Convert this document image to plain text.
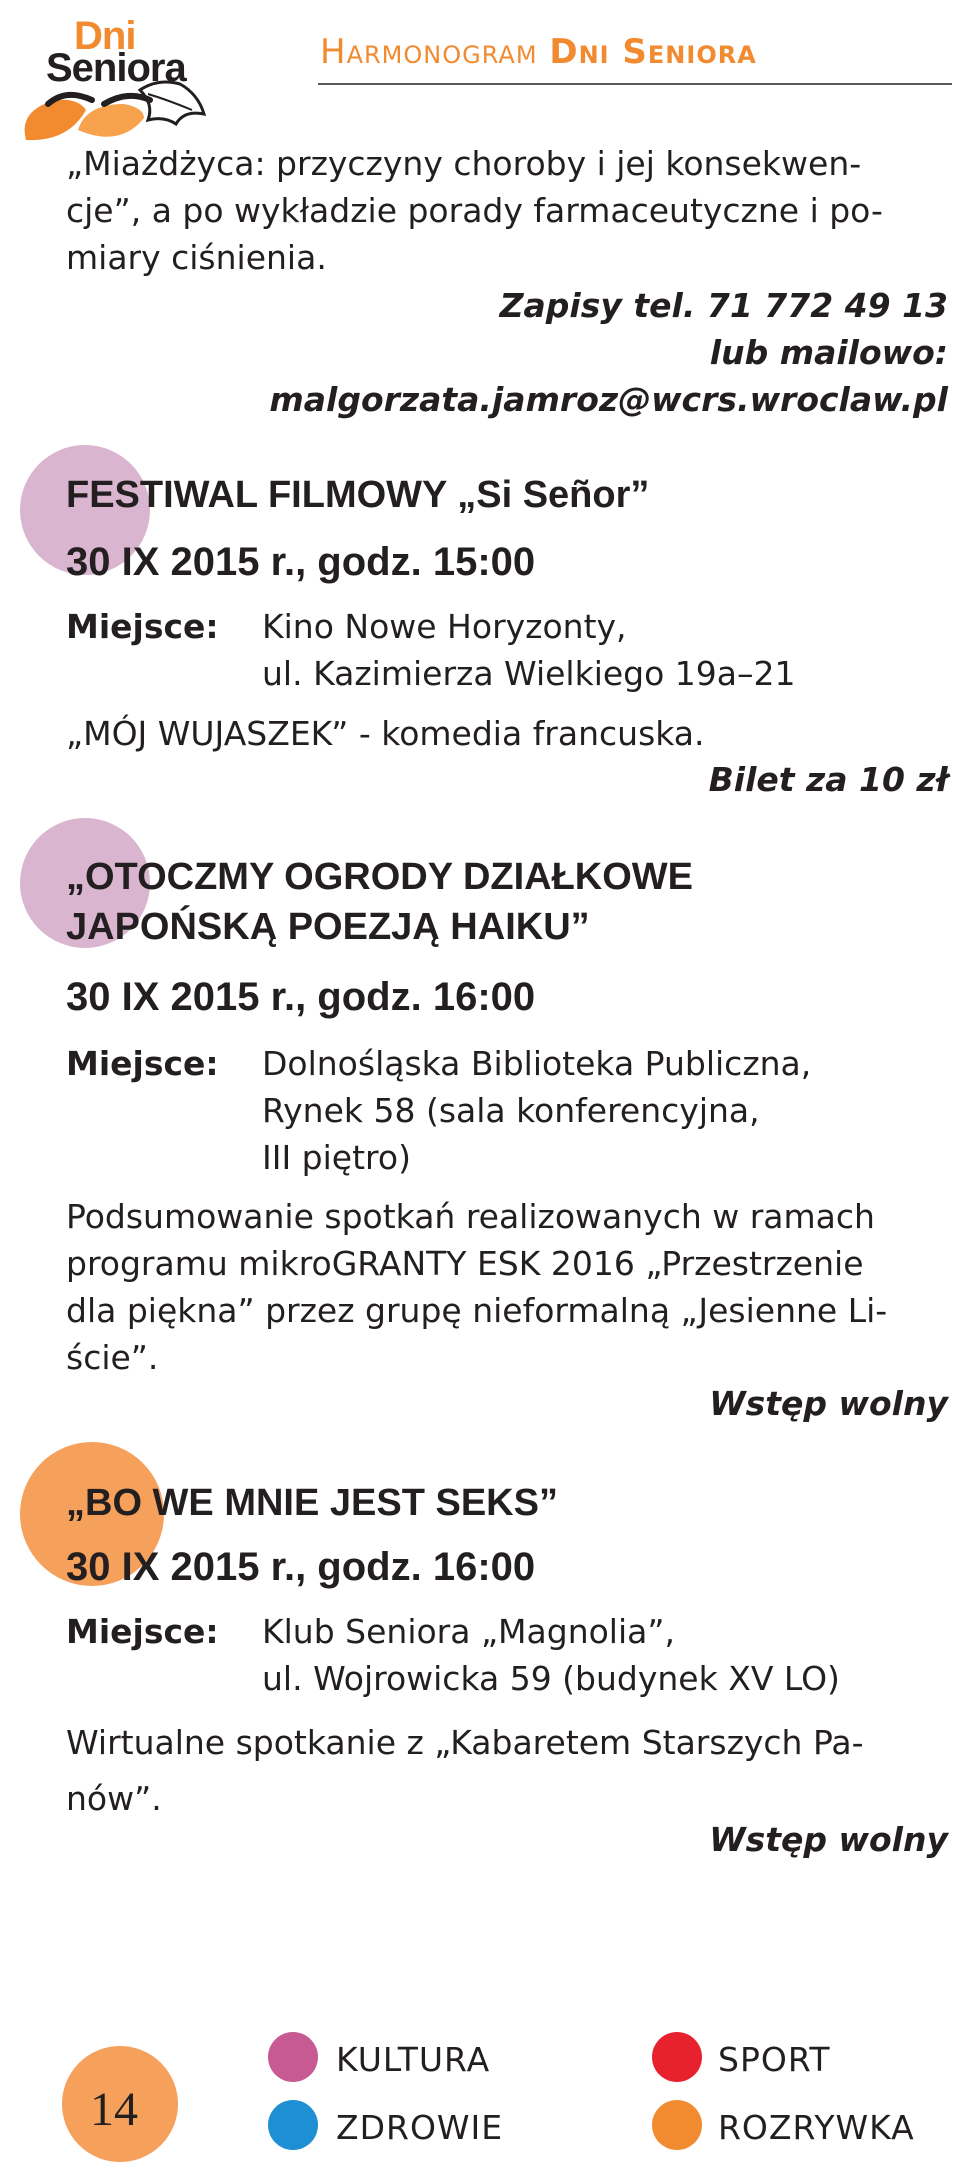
Dni
Seniora	Harmonogram Dni Seniora
„Miażdżyca: przyczyny choroby i jej konsekwen-
cje”, a po wykładzie porady farmaceutyczne i po-
miary ciśnienia.
Zapisy tel. 71 772 49 13
lub mailowo:
malgorzata.jamroz@wcrs.wroclaw.pl
FESTIWAL FILMOWY „Si Señor”
30 IX 2015 r., godz. 15:00
Miejsce: Kino Nowe Horyzonty,
ul. Kazimierza Wielkiego 19a–21
„MÓJ WUJASZEK” - komedia francuska.
Bilet za 10 zł
„OTOCZMY OGRODY DZIAŁKOWE
JAPOŃSKĄ POEZJĄ HAIKU”
30 IX 2015 r., godz. 16:00
Miejsce: Dolnośląska Biblioteka Publiczna,
Rynek 58 (sala konferencyjna,
III piętro)
Podsumowanie spotkań realizowanych w ramach
programu mikroGRANTY ESK 2016 „Przestrzenie
dla piękna” przez grupę nieformalną „Jesienne Li-
ście”.
Wstęp wolny
„BO WE MNIE JEST SEKS”
30 IX 2015 r., godz. 16:00
Miejsce: Klub Seniora „Magnolia”,
ul. Wojrowicka 59 (budynek XV LO)
Wirtualne spotkanie z „Kabaretem Starszych Pa-
nów”.
Wstęp wolny
14
KULTURA	SPORT
ZDROWIE	ROZRYWKA
